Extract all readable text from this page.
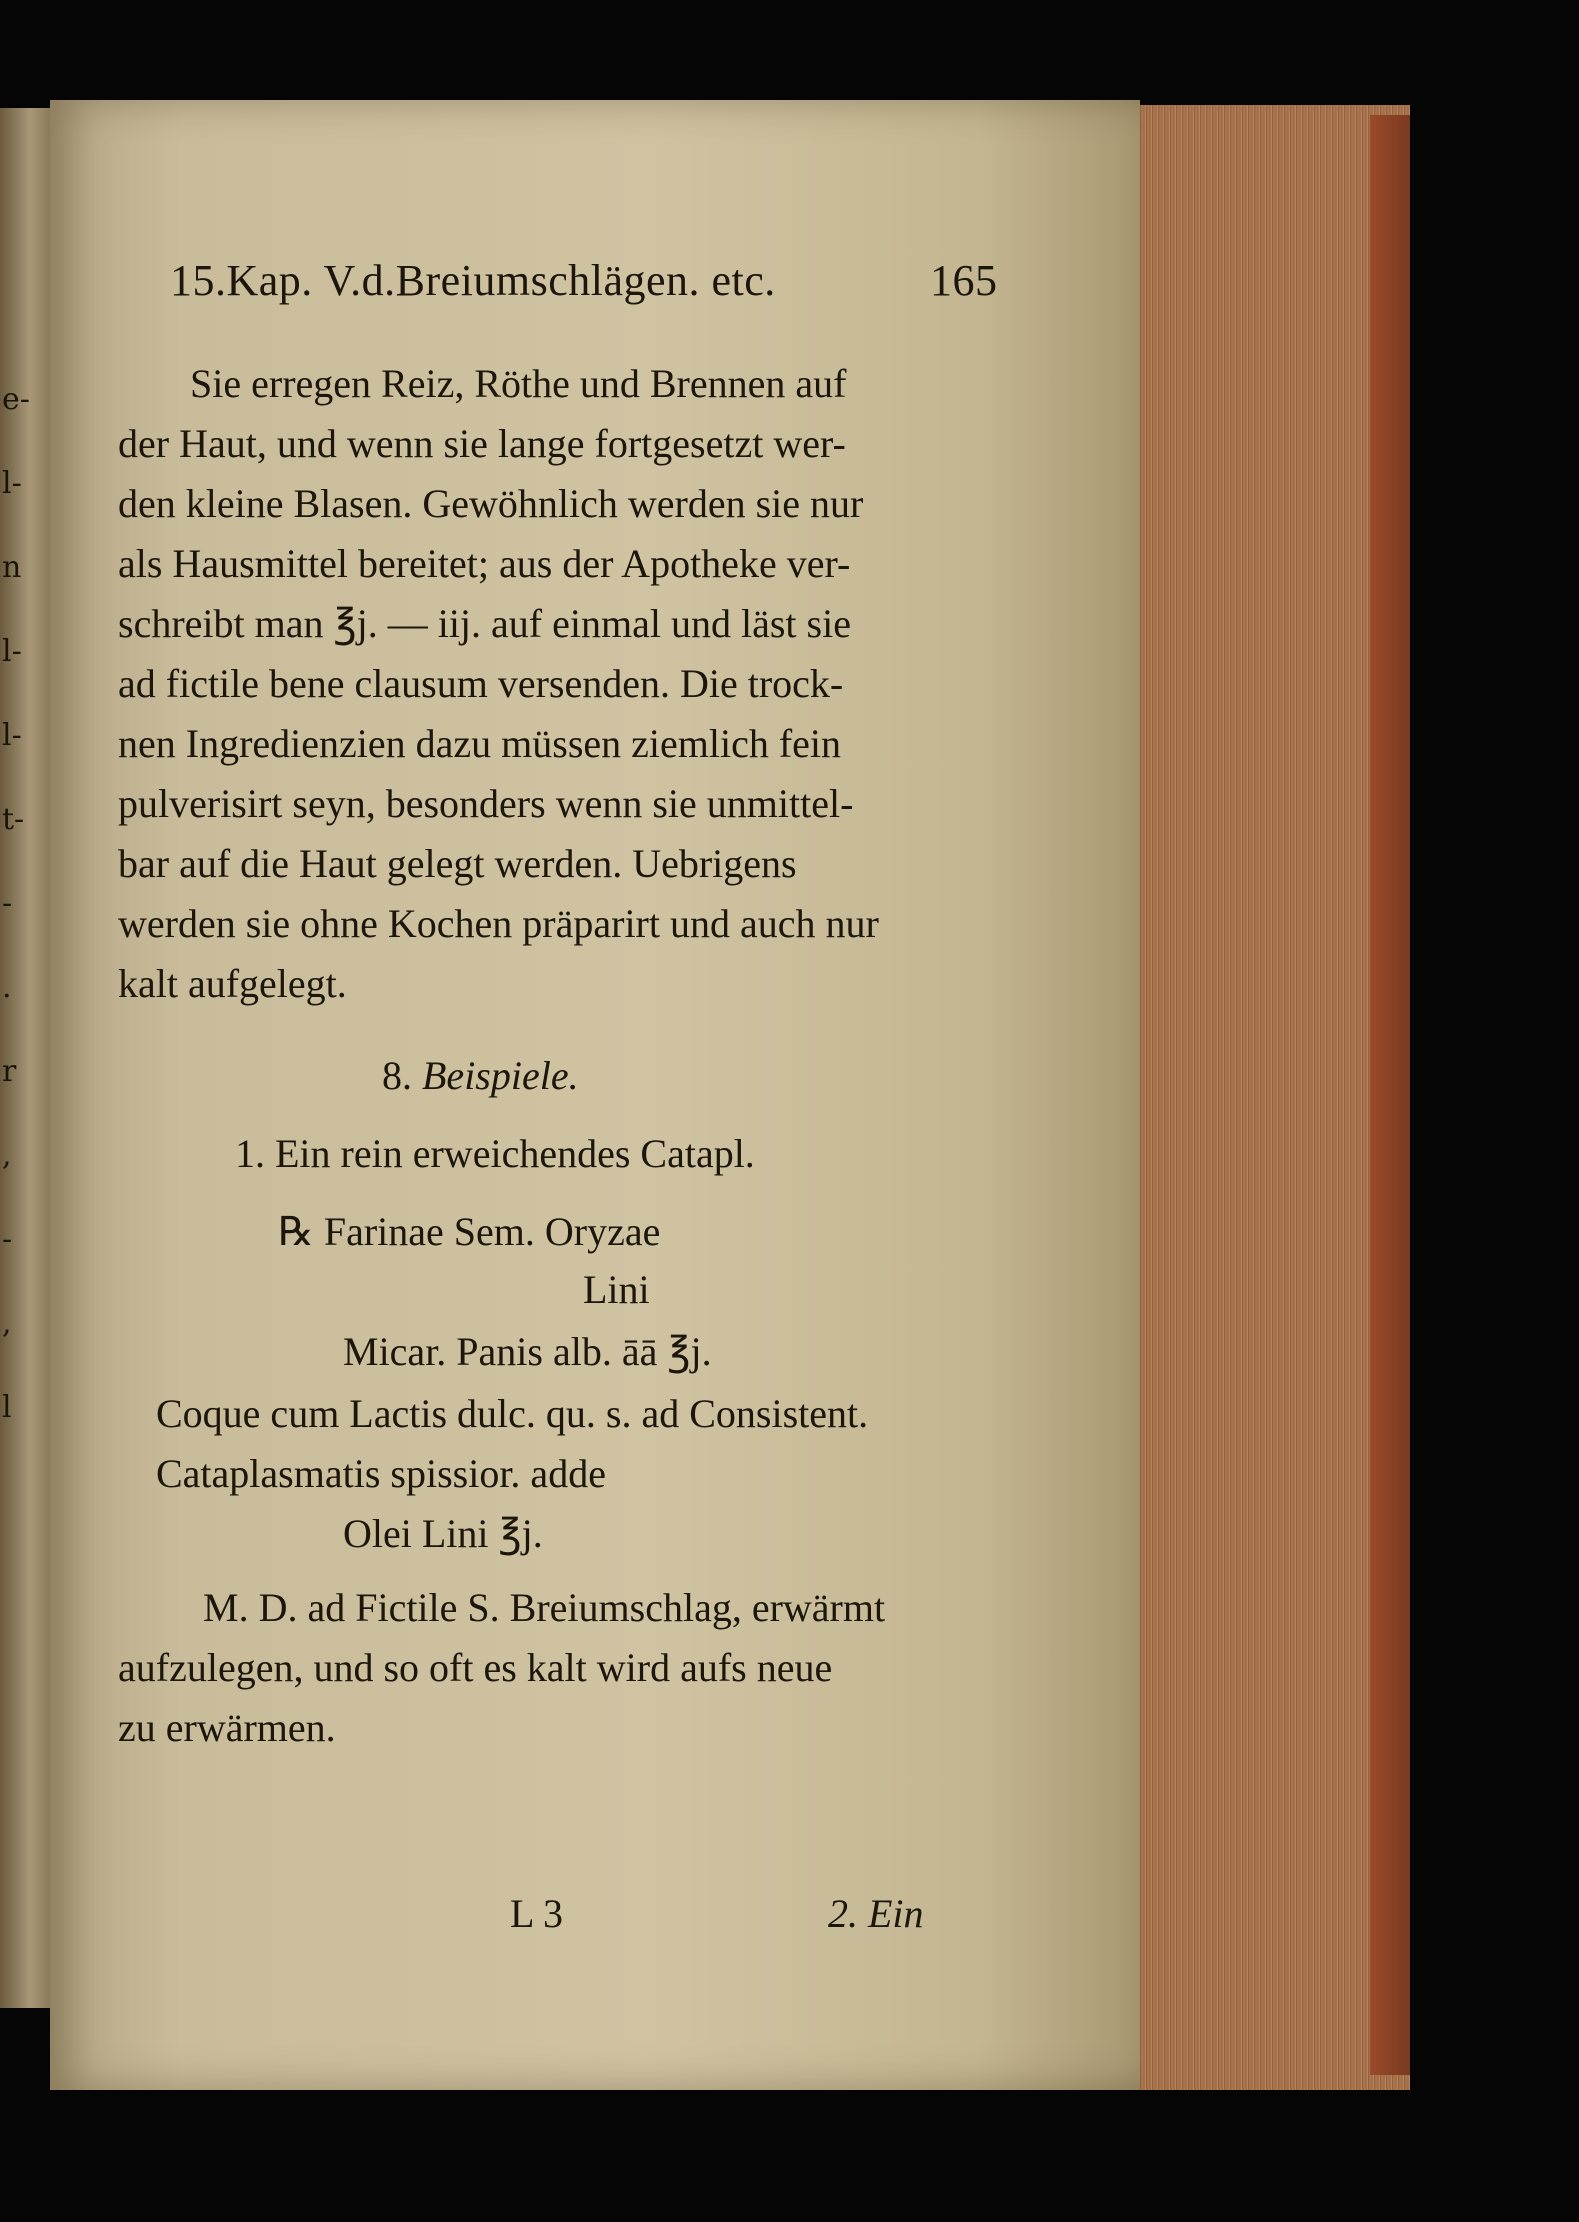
e-
l-
n
l-
l-
t-
-
.
r
,
-
,
l
15.Kap. V.d.Breiumschlägen. etc.	165
Sie erregen Reiz, Röthe und Brennen auf
der Haut, und wenn sie lange fortgesetzt wer-
den kleine Blasen. Gewöhnlich werden sie nur
als Hausmittel bereitet; aus der Apotheke ver-
schreibt man ℥j. — iij. auf einmal und läst sie
ad fictile bene clausum versenden. Die trock-
nen Ingredienzien dazu müssen ziemlich fein
pulverisirt seyn, besonders wenn sie unmittel-
bar auf die Haut gelegt werden. Uebrigens
werden sie ohne Kochen präparirt und auch nur
kalt aufgelegt.
8. Beispiele.
1. Ein rein erweichendes Catapl.
℞ Farinae Sem. Oryzae
Lini
Micar. Panis alb. āā ℥j.
Coque cum Lactis dulc. qu. s. ad Consistent.
Cataplasmatis spissior. adde
Olei Lini ℥j.
M. D. ad Fictile S. Breiumschlag, erwärmt
aufzulegen, und so oft es kalt wird aufs neue
zu erwärmen.
L 3	2. Ein
